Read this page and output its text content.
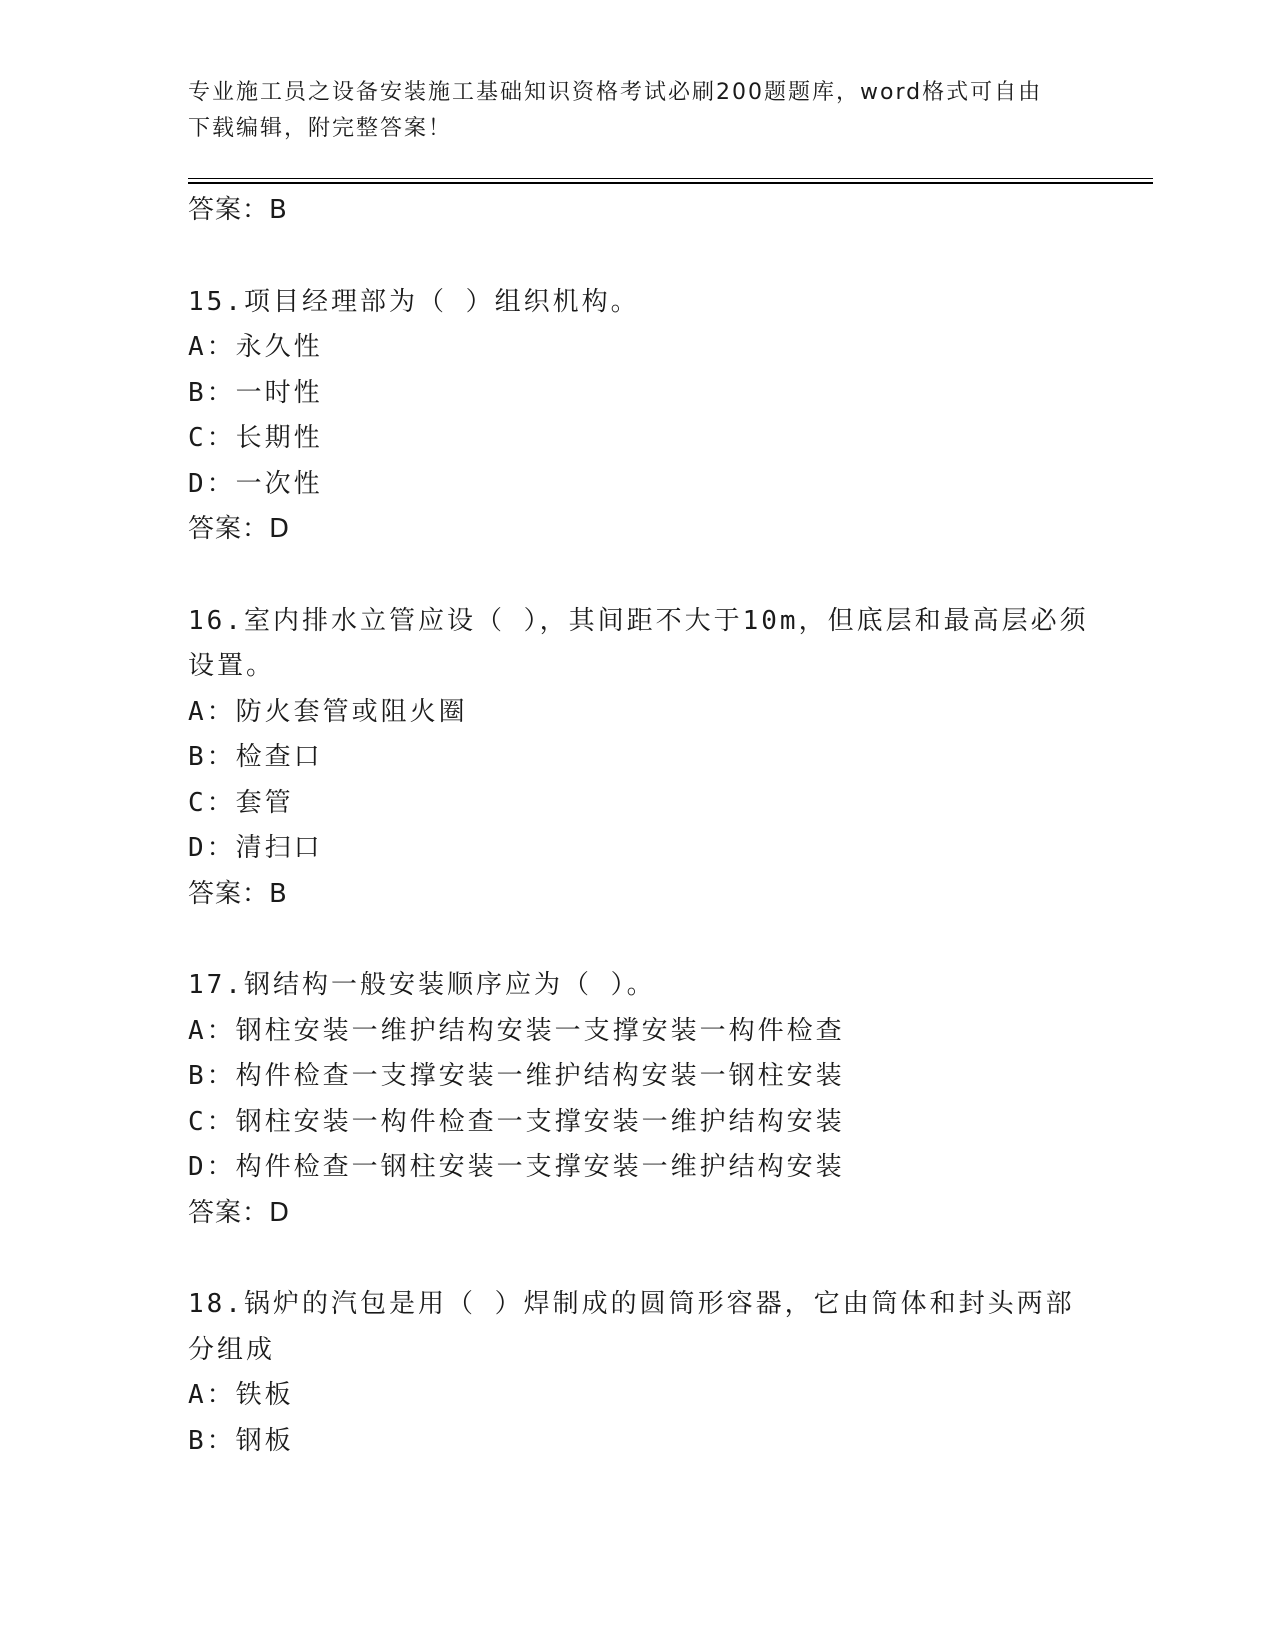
专业施工员之设备安装施工基础知识资格考试必刷200题题库，word格式可自由
下载编辑，附完整答案！
答案：B
15.项目经理部为（ ）组织机构。
A：永久性
B：一时性
C：长期性
D：一次性
答案：D
16.室内排水立管应设（ ），其间距不大于10m，但底层和最高层必须
设置。
A：防火套管或阻火圈
B：检查口
C：套管
D：清扫口
答案：B
17.钢结构一般安装顺序应为（ ）。
A：钢柱安装一维护结构安装一支撑安装一构件检查
B：构件检查一支撑安装一维护结构安装一钢柱安装
C：钢柱安装一构件检查一支撑安装一维护结构安装
D：构件检查一钢柱安装一支撑安装一维护结构安装
答案：D
18.锅炉的汽包是用（ ）焊制成的圆筒形容器，它由筒体和封头两部
分组成
A：铁板
B：钢板
